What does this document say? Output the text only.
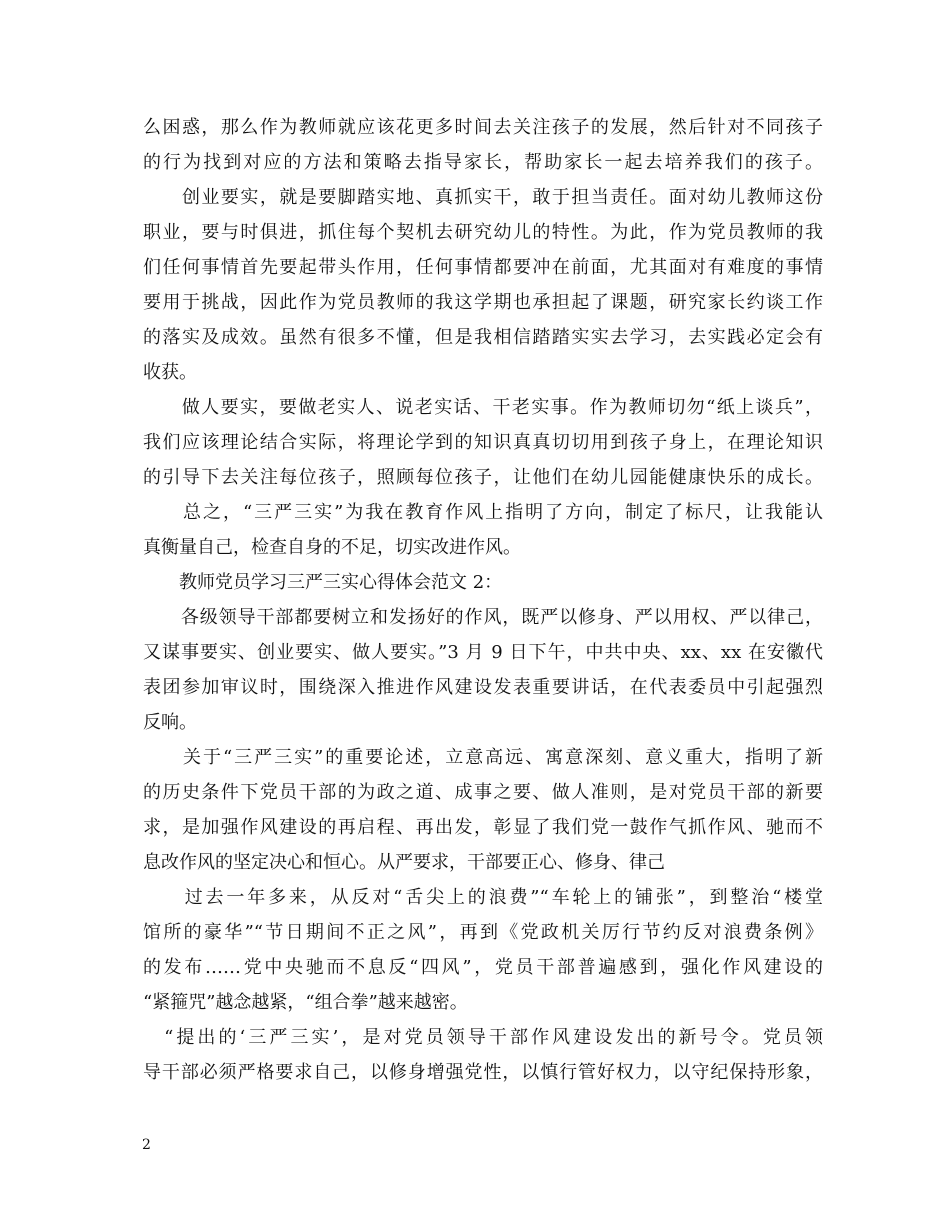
么困惑，那么作为教师就应该花更多时间去关注孩子的发展，然后针对不同孩子
的行为找到对应的方法和策略去指导家长，帮助家长一起去培养我们的孩子。
　　创业要实，就是要脚踏实地、真抓实干，敢于担当责任。面对幼儿教师这份
职业，要与时俱进，抓住每个契机去研究幼儿的特性。为此，作为党员教师的我
们任何事情首先要起带头作用，任何事情都要冲在前面，尤其面对有难度的事情
要用于挑战，因此作为党员教师的我这学期也承担起了课题，研究家长约谈工作
的落实及成效。虽然有很多不懂，但是我相信踏踏实实去学习，去实践必定会有
收获。
　　做人要实，要做老实人、说老实话、干老实事。作为教师切勿“纸上谈兵”，
我们应该理论结合实际，将理论学到的知识真真切切用到孩子身上，在理论知识
的引导下去关注每位孩子，照顾每位孩子，让他们在幼儿园能健康快乐的成长。
　　总之，“三严三实”为我在教育作风上指明了方向，制定了标尺，让我能认
真衡量自己，检查自身的不足，切实改进作风。
　　教师党员学习三严三实心得体会范文 2：
　　各级领导干部都要树立和发扬好的作风，既严以修身、严以用权、严以律己，
又谋事要实、创业要实、做人要实。”3 月 9 日下午，中共中央、xx、xx 在安徽代
表团参加审议时，围绕深入推进作风建设发表重要讲话，在代表委员中引起强烈
反响。
　　关于“三严三实”的重要论述，立意高远、寓意深刻、意义重大，指明了新
的历史条件下党员干部的为政之道、成事之要、做人准则，是对党员干部的新要
求，是加强作风建设的再启程、再出发，彰显了我们党一鼓作气抓作风、驰而不
息改作风的坚定决心和恒心。从严要求，干部要正心、修身、律己
　　过去一年多来，从反对“舌尖上的浪费”“车轮上的铺张”，到整治“楼堂
馆所的豪华”“节日期间不正之风”，再到《党政机关厉行节约反对浪费条例》
的发布……党中央驰而不息反“四风”，党员干部普遍感到，强化作风建设的
“紧箍咒”越念越紧，“组合拳”越来越密。
　“提出的‘三严三实’，是对党员领导干部作风建设发出的新号令。党员领
导干部必须严格要求自己，以修身增强党性，以慎行管好权力，以守纪保持形象，
2
